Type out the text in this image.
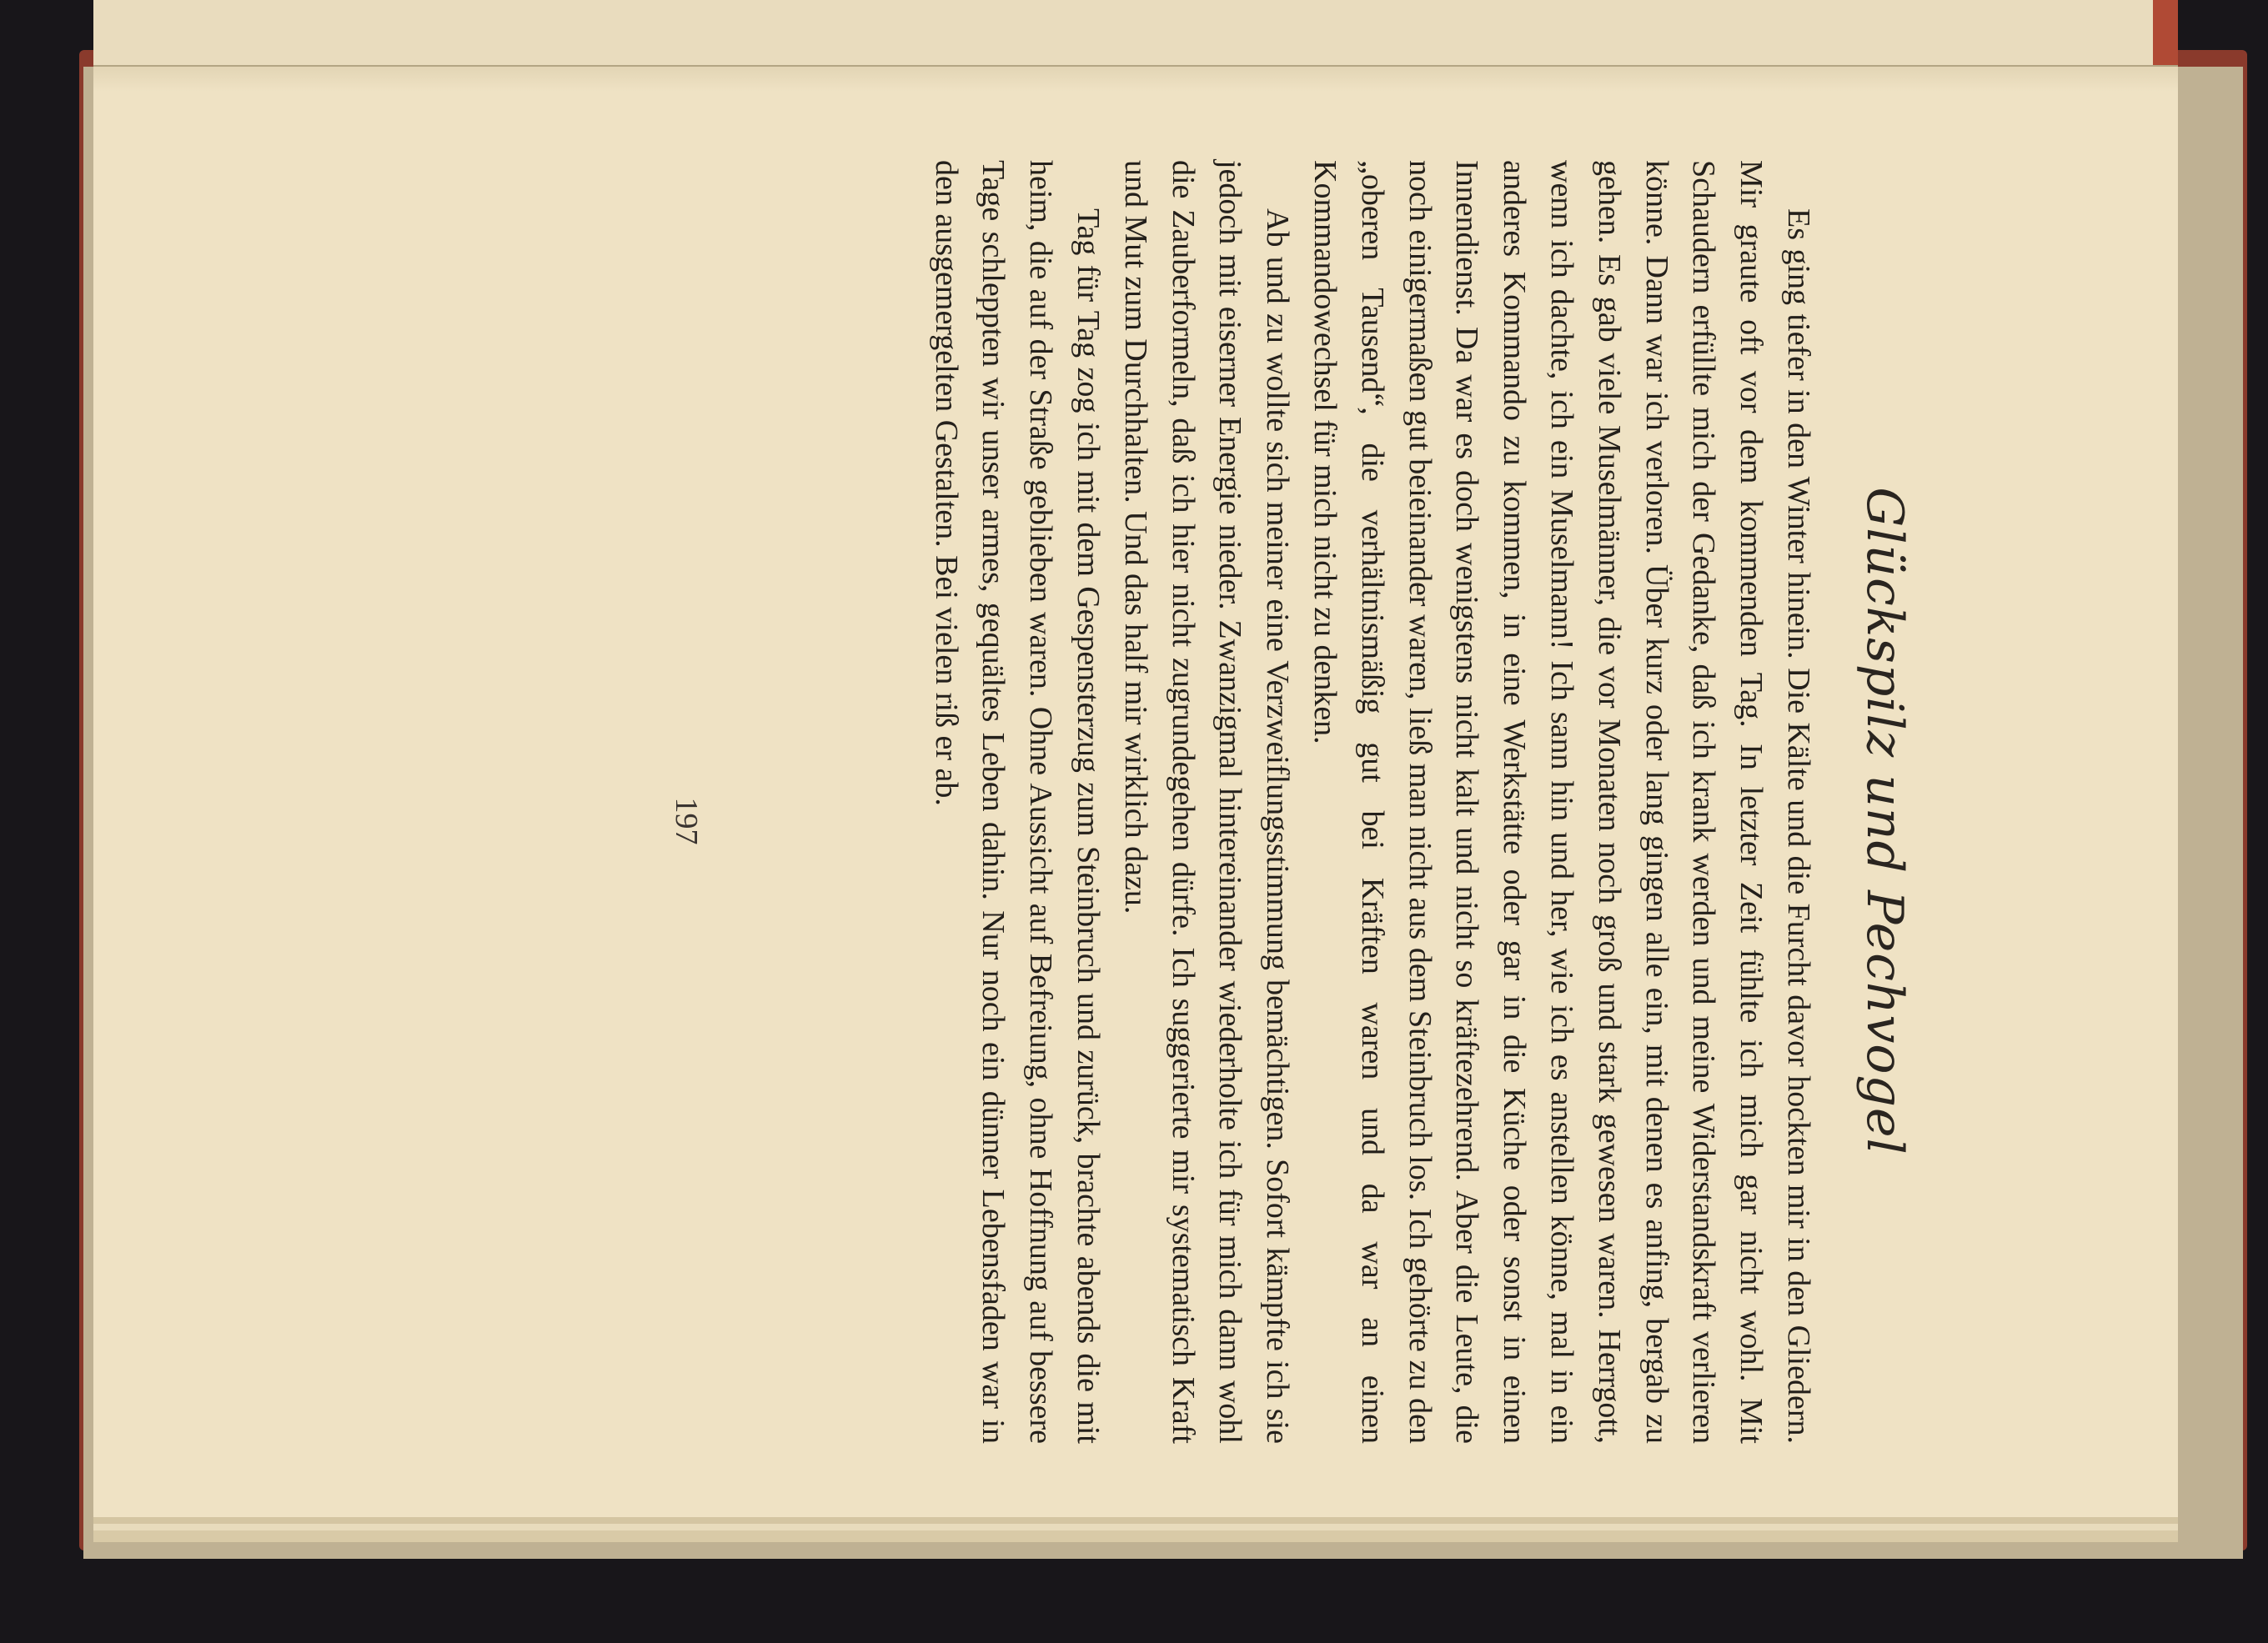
Glückspilz und Pechvogel

Es ging tiefer in den Winter hinein. Die Kälte und die Furcht davor hockten mir in den Gliedern. Mir graute oft vor dem kommenden Tag. In letzter Zeit fühlte ich mich gar nicht wohl. Mit Schaudern erfüllte mich der Gedanke, daß ich krank werden und meine Widerstandskraft verlieren könne. Dann war ich verloren. Über kurz oder lang gingen alle ein, mit denen es anfing, bergab zu gehen. Es gab viele Muselmänner, die vor Monaten noch groß und stark gewesen waren. Herrgott, wenn ich dachte, ich ein Muselmann! Ich sann hin und her, wie ich es anstellen könne, mal in ein anderes Kommando zu kommen, in eine Werkstätte oder gar in die Küche oder sonst in einen Innendienst. Da war es doch wenigstens nicht kalt und nicht so kräftezehrend. Aber die Leute, die noch einigermaßen gut beieinander waren, ließ man nicht aus dem Steinbruch los. Ich gehörte zu den „oberen Tausend“, die verhältnismäßig gut bei Kräften waren und da war an einen Kommandowechsel für mich nicht zu denken.

Ab und zu wollte sich meiner eine Verzweiflungsstimmung bemächtigen. Sofort kämpfte ich sie jedoch mit eiserner Energie nieder. Zwanzigmal hintereinander wiederholte ich für mich dann wohl die Zauberformeln, daß ich hier nicht zugrundegehen dürfe. Ich suggerierte mir systematisch Kraft und Mut zum Durchhalten. Und das half mir wirklich dazu.

Tag für Tag zog ich mit dem Gespensterzug zum Steinbruch und zurück, brachte abends die mit heim, die auf der Straße geblieben waren. Ohne Aussicht auf Befreiung, ohne Hoffnung auf bessere Tage schleppten wir unser armes, gequältes Leben dahin. Nur noch ein dünner Lebensfaden war in den ausgemergelten Gestalten. Bei vielen riß er ab.

197
